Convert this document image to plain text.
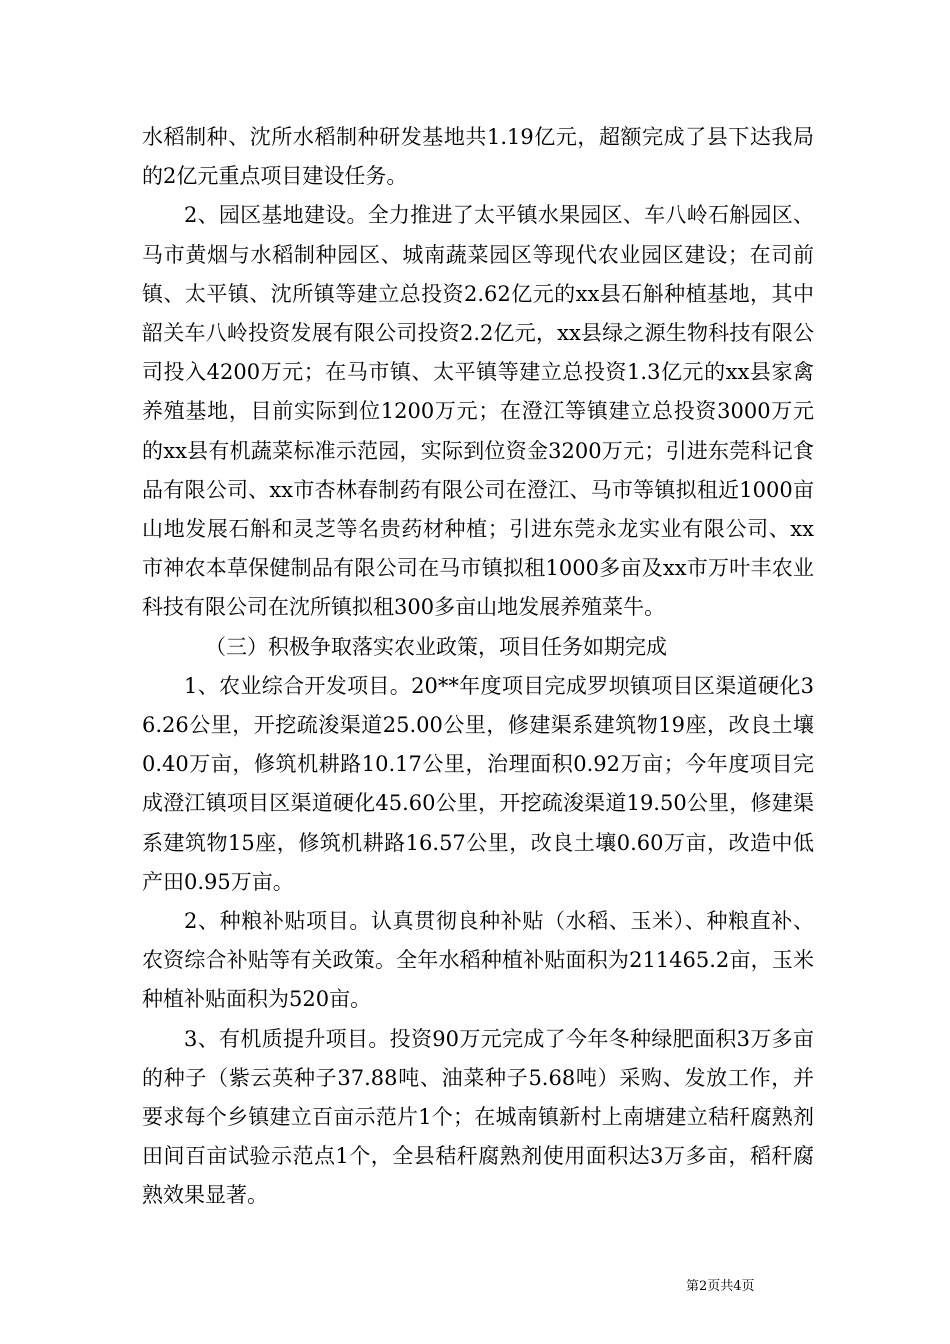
水稻制种、沈所水稻制种研发基地共1.19亿元，超额完成了县下达我局的2亿元重点项目建设任务。

2、园区基地建设。全力推进了太平镇水果园区、车八岭石斛园区、马市黄烟与水稻制种园区、城南蔬菜园区等现代农业园区建设；在司前镇、太平镇、沈所镇等建立总投资2.62亿元的xx县石斛种植基地，其中韶关车八岭投资发展有限公司投资2.2亿元，xx县绿之源生物科技有限公司投入4200万元；在马市镇、太平镇等建立总投资1.3亿元的xx县家禽养殖基地，目前实际到位1200万元；在澄江等镇建立总投资3000万元的xx县有机蔬菜标准示范园，实际到位资金3200万元；引进东莞科记食品有限公司、xx市杏林春制药有限公司在澄江、马市等镇拟租近1000亩山地发展石斛和灵芝等名贵药材种植；引进东莞永龙实业有限公司、xx市神农本草保健制品有限公司在马市镇拟租1000多亩及xx市万叶丰农业科技有限公司在沈所镇拟租300多亩山地发展养殖菜牛。

（三）积极争取落实农业政策，项目任务如期完成

1、农业综合开发项目。20**年度项目完成罗坝镇项目区渠道硬化36.26公里，开挖疏浚渠道25.00公里，修建渠系建筑物19座，改良土壤0.40万亩，修筑机耕路10.17公里，治理面积0.92万亩；今年度项目完成澄江镇项目区渠道硬化45.60公里，开挖疏浚渠道19.50公里，修建渠系建筑物15座，修筑机耕路16.57公里，改良土壤0.60万亩，改造中低产田0.95万亩。

2、种粮补贴项目。认真贯彻良种补贴（水稻、玉米）、种粮直补、农资综合补贴等有关政策。全年水稻种植补贴面积为211465.2亩，玉米种植补贴面积为520亩。

3、有机质提升项目。投资90万元完成了今年冬种绿肥面积3万多亩的种子（紫云英种子37.88吨、油菜种子5.68吨）采购、发放工作，并要求每个乡镇建立百亩示范片1个；在城南镇新村上南塘建立秸秆腐熟剂田间百亩试验示范点1个，全县秸秆腐熟剂使用面积达3万多亩，稻秆腐熟效果显著。

第2页共4页
